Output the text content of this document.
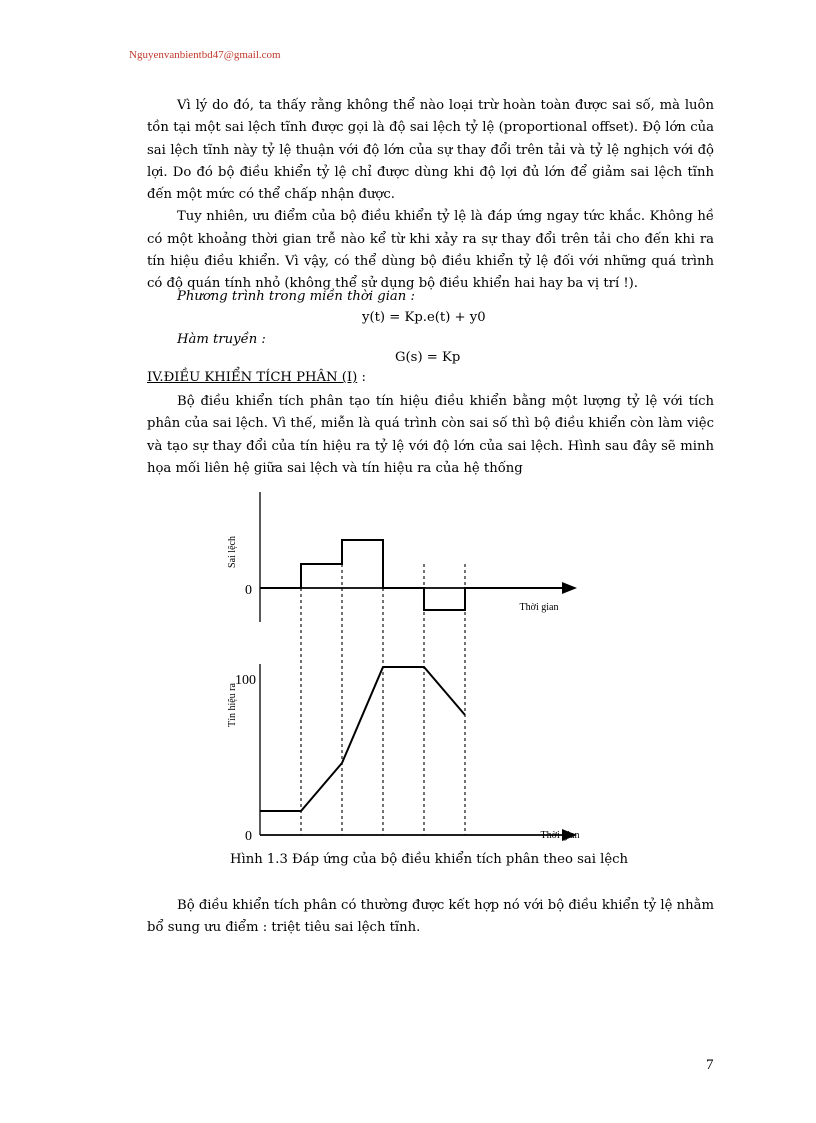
Nguyenvanbientbd47@gmail.com

Vì lý do đó, ta thấy rằng không thể nào loại trừ hoàn toàn được sai số, mà luôn tồn tại một sai lệch tĩnh được gọi là độ sai lệch tỷ lệ (proportional offset). Độ lớn của sai lệch tĩnh này tỷ lệ thuận với độ lớn của sự thay đổi trên tải và tỷ lệ nghịch với độ lợi. Do đó bộ điều khiển tỷ lệ chỉ được dùng khi độ lợi đủ lớn để giảm sai lệch tĩnh đến một mức có thể chấp nhận được.

Tuy nhiên, ưu điểm của bộ điều khiển tỷ lệ là đáp ứng ngay tức khắc. Không hề có một khoảng thời gian trễ nào kể từ khi xảy ra sự thay đổi trên tải cho đến khi ra tín hiệu điều khiển. Vì vậy, có thể dùng bộ điều khiển tỷ lệ đối với những quá trình có độ quán tính nhỏ (không thể sử dụng bộ điều khiển hai hay ba vị trí !).

Phương trình trong miền thời gian :
y(t) = Kp.e(t) + y0
Hàm truyền :
G(s) = Kp
IV.ĐIỀU KHIỂN TÍCH PHÂN (I) :

Bộ điều khiển tích phân tạo tín hiệu điều khiển bằng một lượng tỷ lệ với tích phân của sai lệch. Vì thế, miễn là quá trình còn sai số thì bộ điều khiển còn làm việc và tạo sự thay đổi của tín hiệu ra tỷ lệ với độ lớn của sai lệch. Hình sau đây sẽ minh họa mối liên hệ giữa sai lệch và tín hiệu ra của hệ thống

0
Thời gian
Sai lệch
0
100
Thời gian
Tín hiệu ra
Hình 1.3 Đáp ứng của bộ điều khiển tích phân theo sai lệch

Bộ điều khiển tích phân có thường được kết hợp nó với bộ điều khiển tỷ lệ nhằm bổ sung ưu điểm : triệt tiêu sai lệch tĩnh.

7
